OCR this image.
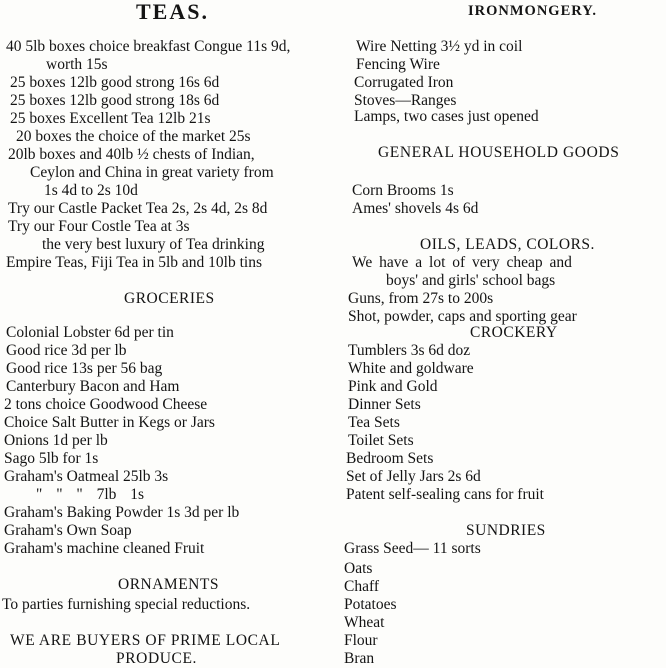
TEAS.
40 5lb boxes choice breakfast Congue 11s 9d,
worth 15s
25 boxes 12lb good strong 16s 6d
25 boxes 12lb good strong 18s 6d
25 boxes Excellent Tea 12lb 21s
20 boxes the choice of the market 25s
20lb boxes and 40lb ½ chests of Indian,
Ceylon and China in great variety from
1s 4d to 2s 10d
Try our Castle Packet Tea 2s, 2s 4d, 2s 8d
Try our Four Costle Tea at 3s
the very best luxury of Tea drinking
Empire Teas, Fiji Tea in 5lb and 10lb tins
GROCERIES
Colonial Lobster 6d per tin
Good rice 3d per lb
Good rice 13s per 56 bag
Canterbury Bacon and Ham
2 tons choice Goodwood Cheese
Choice Salt Butter in Kegs or Jars
Onions 1d per lb
Sago 5lb for 1s
Graham's Oatmeal 25lb 3s
" " " 7lb 1s
Graham's Baking Powder 1s 3d per lb
Graham's Own Soap
Graham's machine cleaned Fruit
ORNAMENTS
To parties furnishing special reductions.
WE ARE BUYERS OF PRIME LOCAL
PRODUCE.
IRONMONGERY.
Wire Netting 3½ yd in coil
Fencing Wire
Corrugated Iron
Stoves—Ranges
Lamps, two cases just opened
GENERAL HOUSEHOLD GOODS
Corn Brooms 1s
Ames' shovels 4s 6d
OILS, LEADS, COLORS.
We have a lot of very cheap and
boys' and girls' school bags
Guns, from 27s to 200s
Shot, powder, caps and sporting gear
CROCKERY
Tumblers 3s 6d doz
White and goldware
Pink and Gold
Dinner Sets
Tea Sets
Toilet Sets
Bedroom Sets
Set of Jelly Jars 2s 6d
Patent self-sealing cans for fruit
SUNDRIES
Grass Seed— 11 sorts
Oats
Chaff
Potatoes
Wheat
Flour
Bran
